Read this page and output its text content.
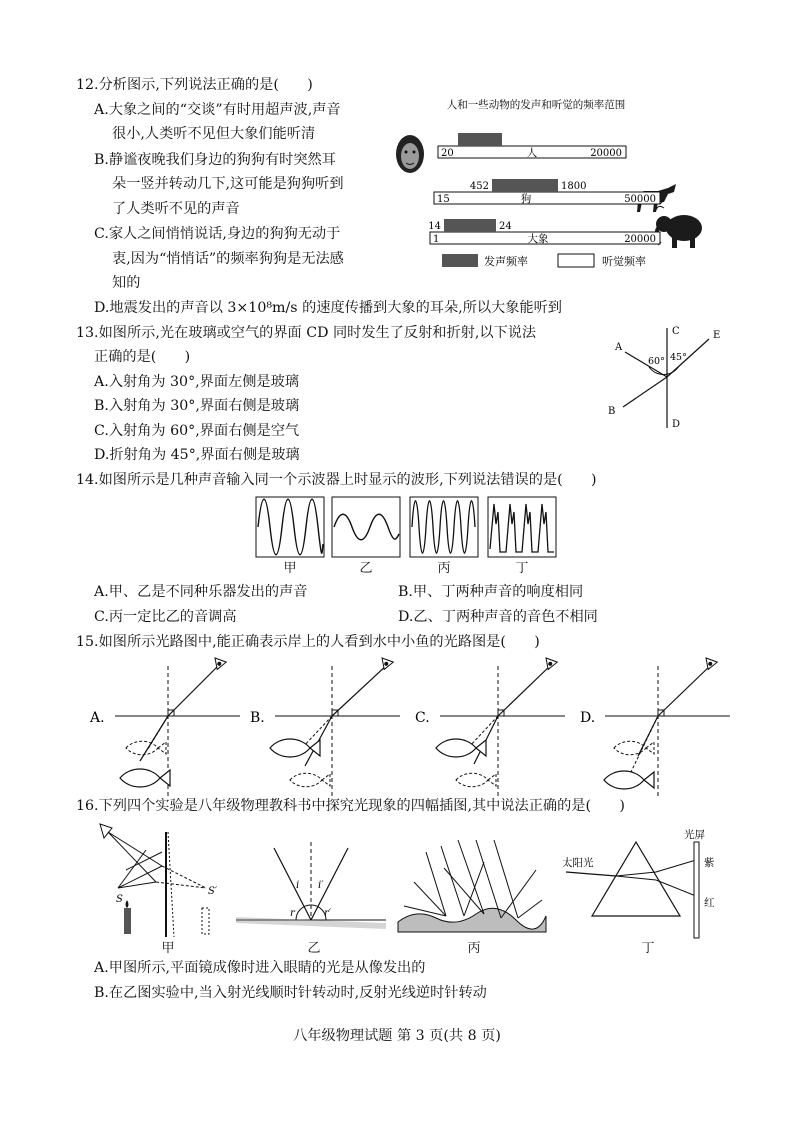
12.分析图示,下列说法正确的是(　　)
A.大象之间的“交谈”有时用超声波,声音
很小,人类听不见但大象们能听清
B.静谧夜晚我们身边的狗狗有时突然耳
朵一竖并转动几下,这可能是狗狗听到
了人类听不见的声音
C.家人之间悄悄说话,身边的狗狗无动于
衷,因为“悄悄话”的频率狗狗是无法感
知的
D.地震发出的声音以 3×10⁸m/s 的速度传播到大象的耳朵,所以大象能听到
人和一些动物的发声和听觉的频率范围
20	20000
人
15	50000
狗
452	1800
1	20000
大象
14	24
发声频率	听觉频率
13.如图所示,光在玻璃或空气的界面 CD 同时发生了反射和折射,以下说法
正确的是(　　)
A.入射角为 30°,界面左侧是玻璃
B.入射角为 30°,界面右侧是玻璃
C.入射角为 60°,界面右侧是空气
D.折射角为 45°,界面右侧是玻璃
A
B
C
D
E
60° 45°
14.如图所示是几种声音输入同一个示波器上时显示的波形,下列说法错误的是(　　)
甲	乙	丙	丁
A.甲、乙是不同种乐器发出的声音	B.甲、丁两种声音的响度相同
C.丙一定比乙的音调高	D.乙、丁两种声音的音色不相同
15.如图所示光路图中,能正确表示岸上的人看到水中小鱼的光路图是(　　)
A.	B.	C.	D.
16.下列四个实验是八年级物理教科书中探究光现象的四幅插图,其中说法正确的是(　　)
S
S′
i i′
r	r′
太阳光
光屏
紫
红
甲	乙	丙	丁
A.甲图所示,平面镜成像时进入眼睛的光是从像发出的
B.在乙图实验中,当入射光线顺时针转动时,反射光线逆时针转动
八年级物理试题 第 3 页(共 8 页)
